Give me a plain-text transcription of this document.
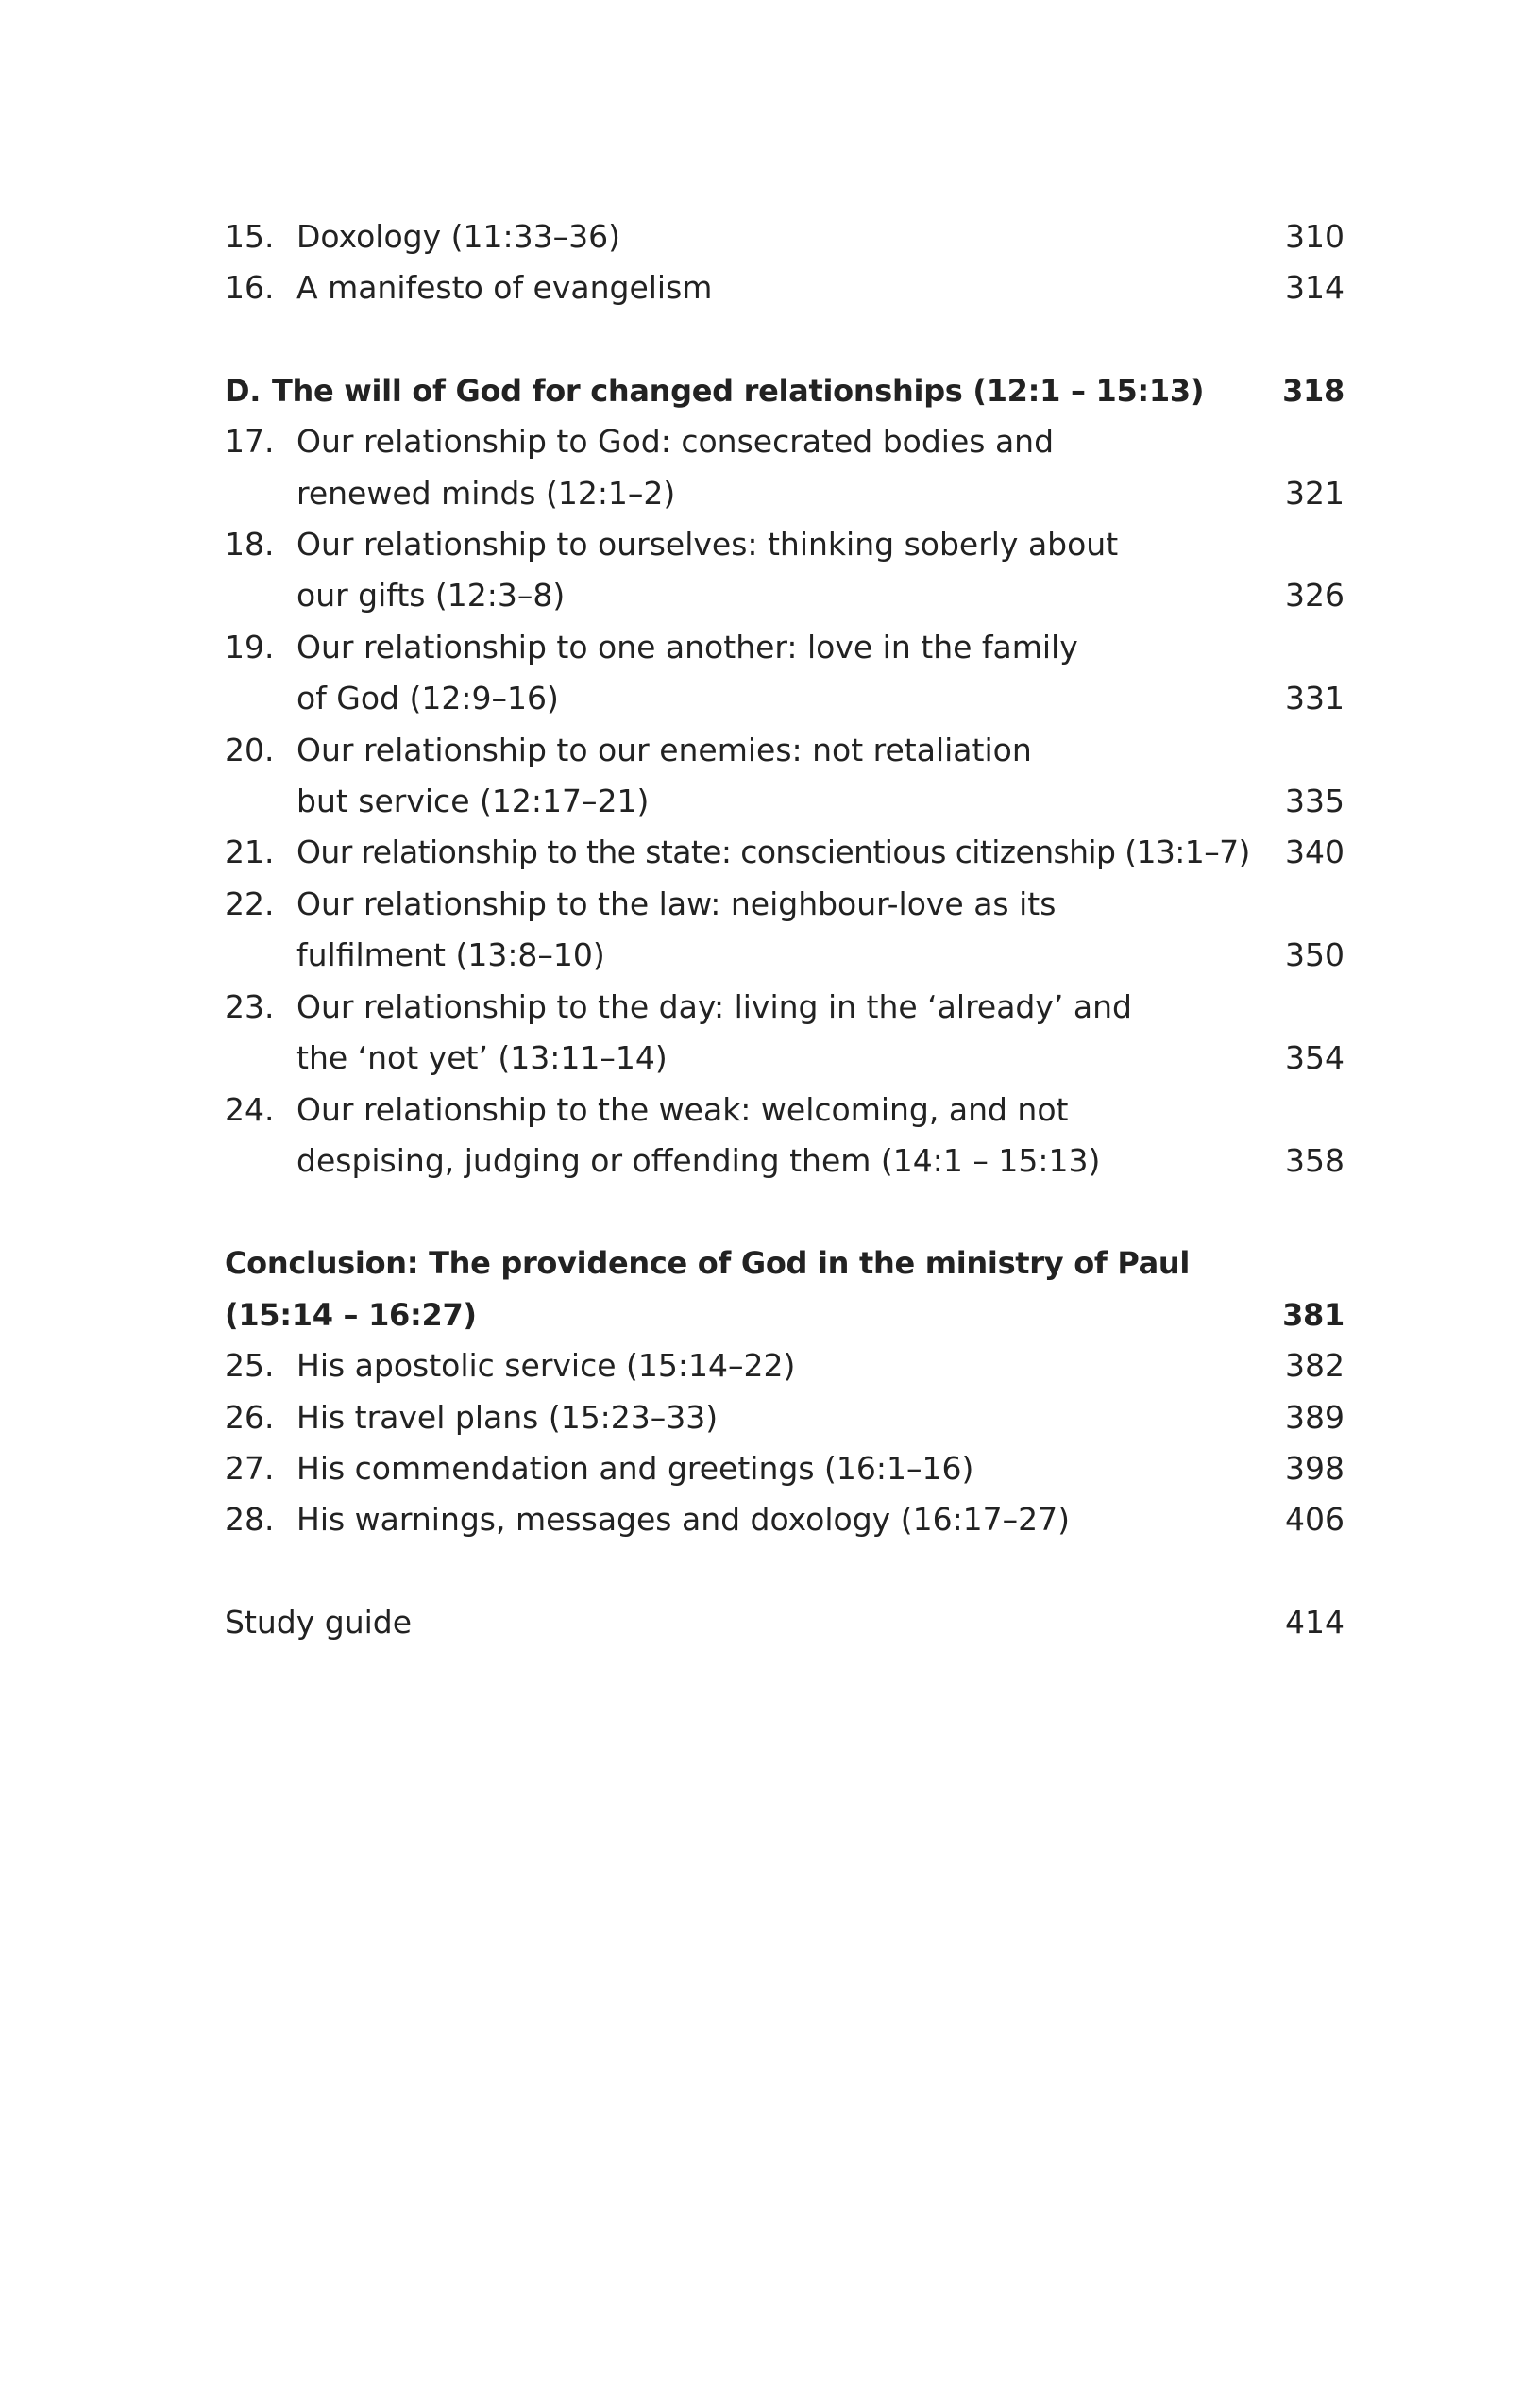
15. Doxology (11:33–36)	310
16. A manifesto of evangelism	314
D. The will of God for changed relationships (12:1 – 15:13)	318
17. Our relationship to God: consecrated bodies and
renewed minds (12:1–2)	321
18. Our relationship to ourselves: thinking soberly about
our gifts (12:3–8)	326
19. Our relationship to one another: love in the family
of God (12:9–16)	331
20. Our relationship to our enemies: not retaliation
but service (12:17–21)	335
21. Our relationship to the state: conscientious citizenship (13:1–7)	340
22. Our relationship to the law: neighbour-love as its
fulfilment (13:8–10)	350
23. Our relationship to the day: living in the ‘already’ and
the ‘not yet’ (13:11–14)	354
24. Our relationship to the weak: welcoming, and not
despising, judging or offending them (14:1 – 15:13)	358
Conclusion: The providence of God in the ministry of Paul
(15:14 – 16:27)	381
25. His apostolic service (15:14–22)	382
26. His travel plans (15:23–33)	389
27. His commendation and greetings (16:1–16)	398
28. His warnings, messages and doxology (16:17–27)	406
Study guide	414
